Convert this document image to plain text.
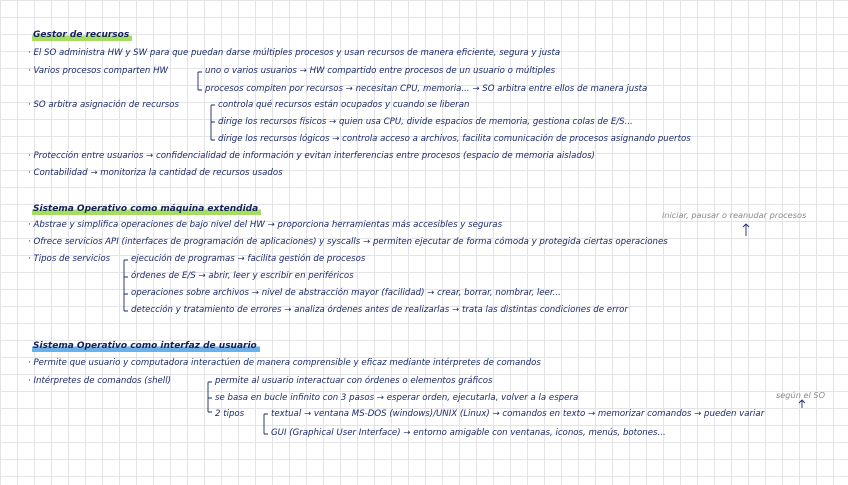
Gestor de recursos
· El SO administra HW y SW para que puedan darse múltiples procesos y usan recursos de manera eficiente, segura y justa
· Varios procesos comparten HW	uno o varios usuarios → HW compartido entre procesos de un usuario o múltiples
procesos compiten por recursos → necesitan CPU, memoria... → SO arbitra entre ellos de manera justa
· SO arbitra asignación de recursos	controla qué recursos están ocupados y cuando se liberan
dirige los recursos físicos → quien usa CPU, divide espacios de memoria, gestiona colas de E/S...
dirige los recursos lógicos → controla acceso a archivos, facilita comunicación de procesos asignando puertos
· Protección entre usuarios → confidencialidad de información y evitan interferencias entre procesos (espacio de memoria aislados)
· Contabilidad → monitoriza la cantidad de recursos usados
Sistema Operativo como máquina extendida
iniciar, pausar o reanudar procesos
· Abstrae y simplifica operaciones de bajo nivel del HW → proporciona herramientas más accesibles y seguras
· Ofrece servicios API (interfaces de programación de aplicaciones) y syscalls → permiten ejecutar de forma cómoda y protegida ciertas operaciones
· Tipos de servicios ejecución de programas → facilita gestión de procesos
órdenes de E/S → abrir, leer y escribir en periféricos
operaciones sobre archivos → nivel de abstracción mayor (facilidad) → crear, borrar, nombrar, leer...
detección y tratamiento de errores → analiza órdenes antes de realizarlas → trata las distintas condiciones de error
Sistema Operativo como interfaz de usuario
· Permite que usuario y computadora interactúen de manera comprensible y eficaz mediante intérpretes de comandos
· Intérpretes de comandos (shell)	permite al usuario interactuar con órdenes o elementos gráficos
se basa en bucle infinito con 3 pasos → esperar orden, ejecutarla, volver a la espera	según el SO
2 tipos	textual → ventana MS-DOS (windows)/UNIX (Linux) → comandos en texto → memorizar comandos → pueden variar
GUI (Graphical User Interface) → entorno amigable con ventanas, iconos, menús, botones...
